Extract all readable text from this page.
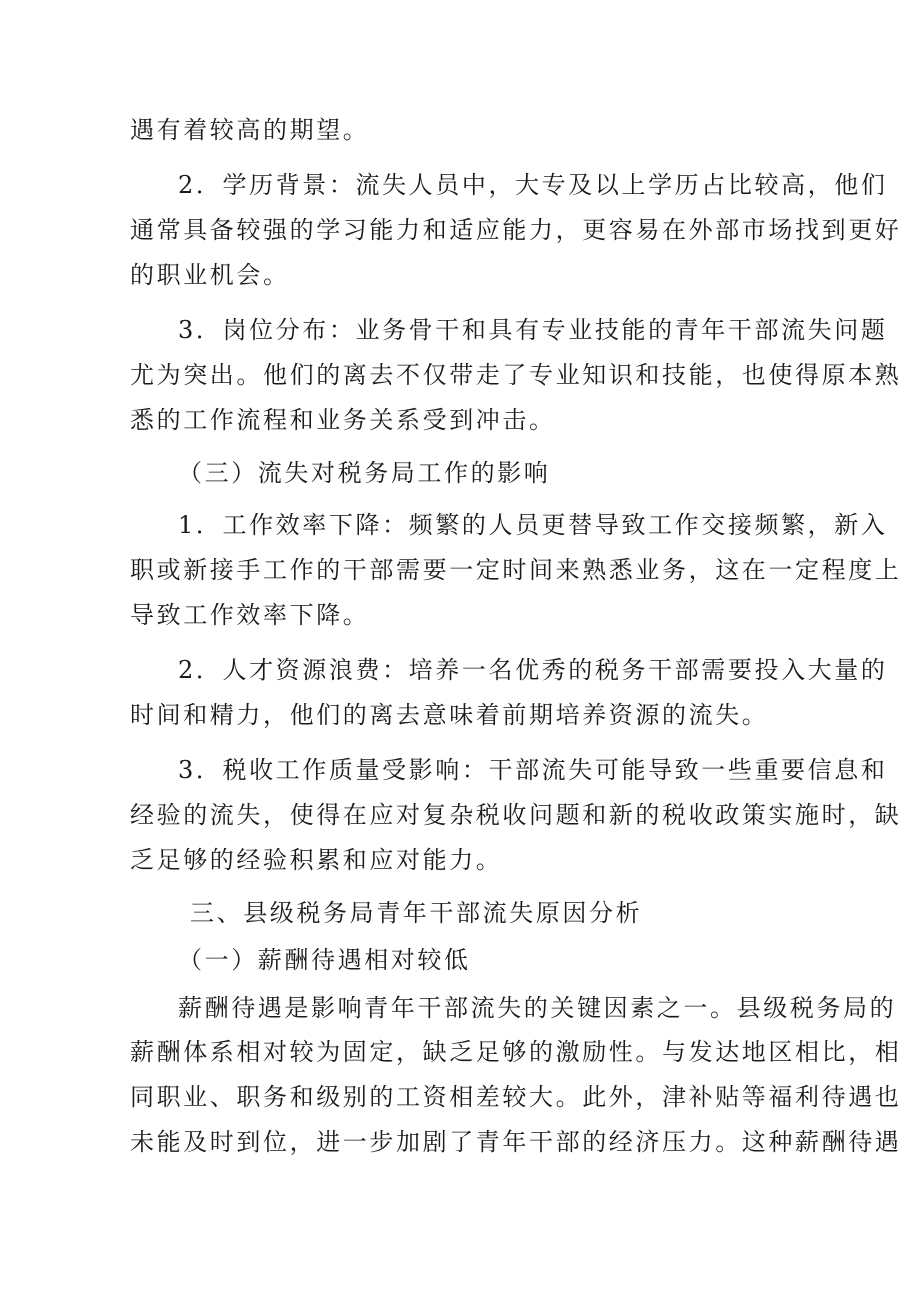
遇有着较高的期望。
2．学历背景：流失人员中，大专及以上学历占比较高，他们
通常具备较强的学习能力和适应能力，更容易在外部市场找到更好
的职业机会。
3．岗位分布：业务骨干和具有专业技能的青年干部流失问题
尤为突出。他们的离去不仅带走了专业知识和技能，也使得原本熟
悉的工作流程和业务关系受到冲击。
（三）流失对税务局工作的影响
1．工作效率下降：频繁的人员更替导致工作交接频繁，新入
职或新接手工作的干部需要一定时间来熟悉业务，这在一定程度上
导致工作效率下降。
2．人才资源浪费：培养一名优秀的税务干部需要投入大量的
时间和精力，他们的离去意味着前期培养资源的流失。
3．税收工作质量受影响：干部流失可能导致一些重要信息和
经验的流失，使得在应对复杂税收问题和新的税收政策实施时，缺
乏足够的经验积累和应对能力。
三、县级税务局青年干部流失原因分析
（一）薪酬待遇相对较低
薪酬待遇是影响青年干部流失的关键因素之一。县级税务局的
薪酬体系相对较为固定，缺乏足够的激励性。与发达地区相比，相
同职业、职务和级别的工资相差较大。此外，津补贴等福利待遇也
未能及时到位，进一步加剧了青年干部的经济压力。这种薪酬待遇
